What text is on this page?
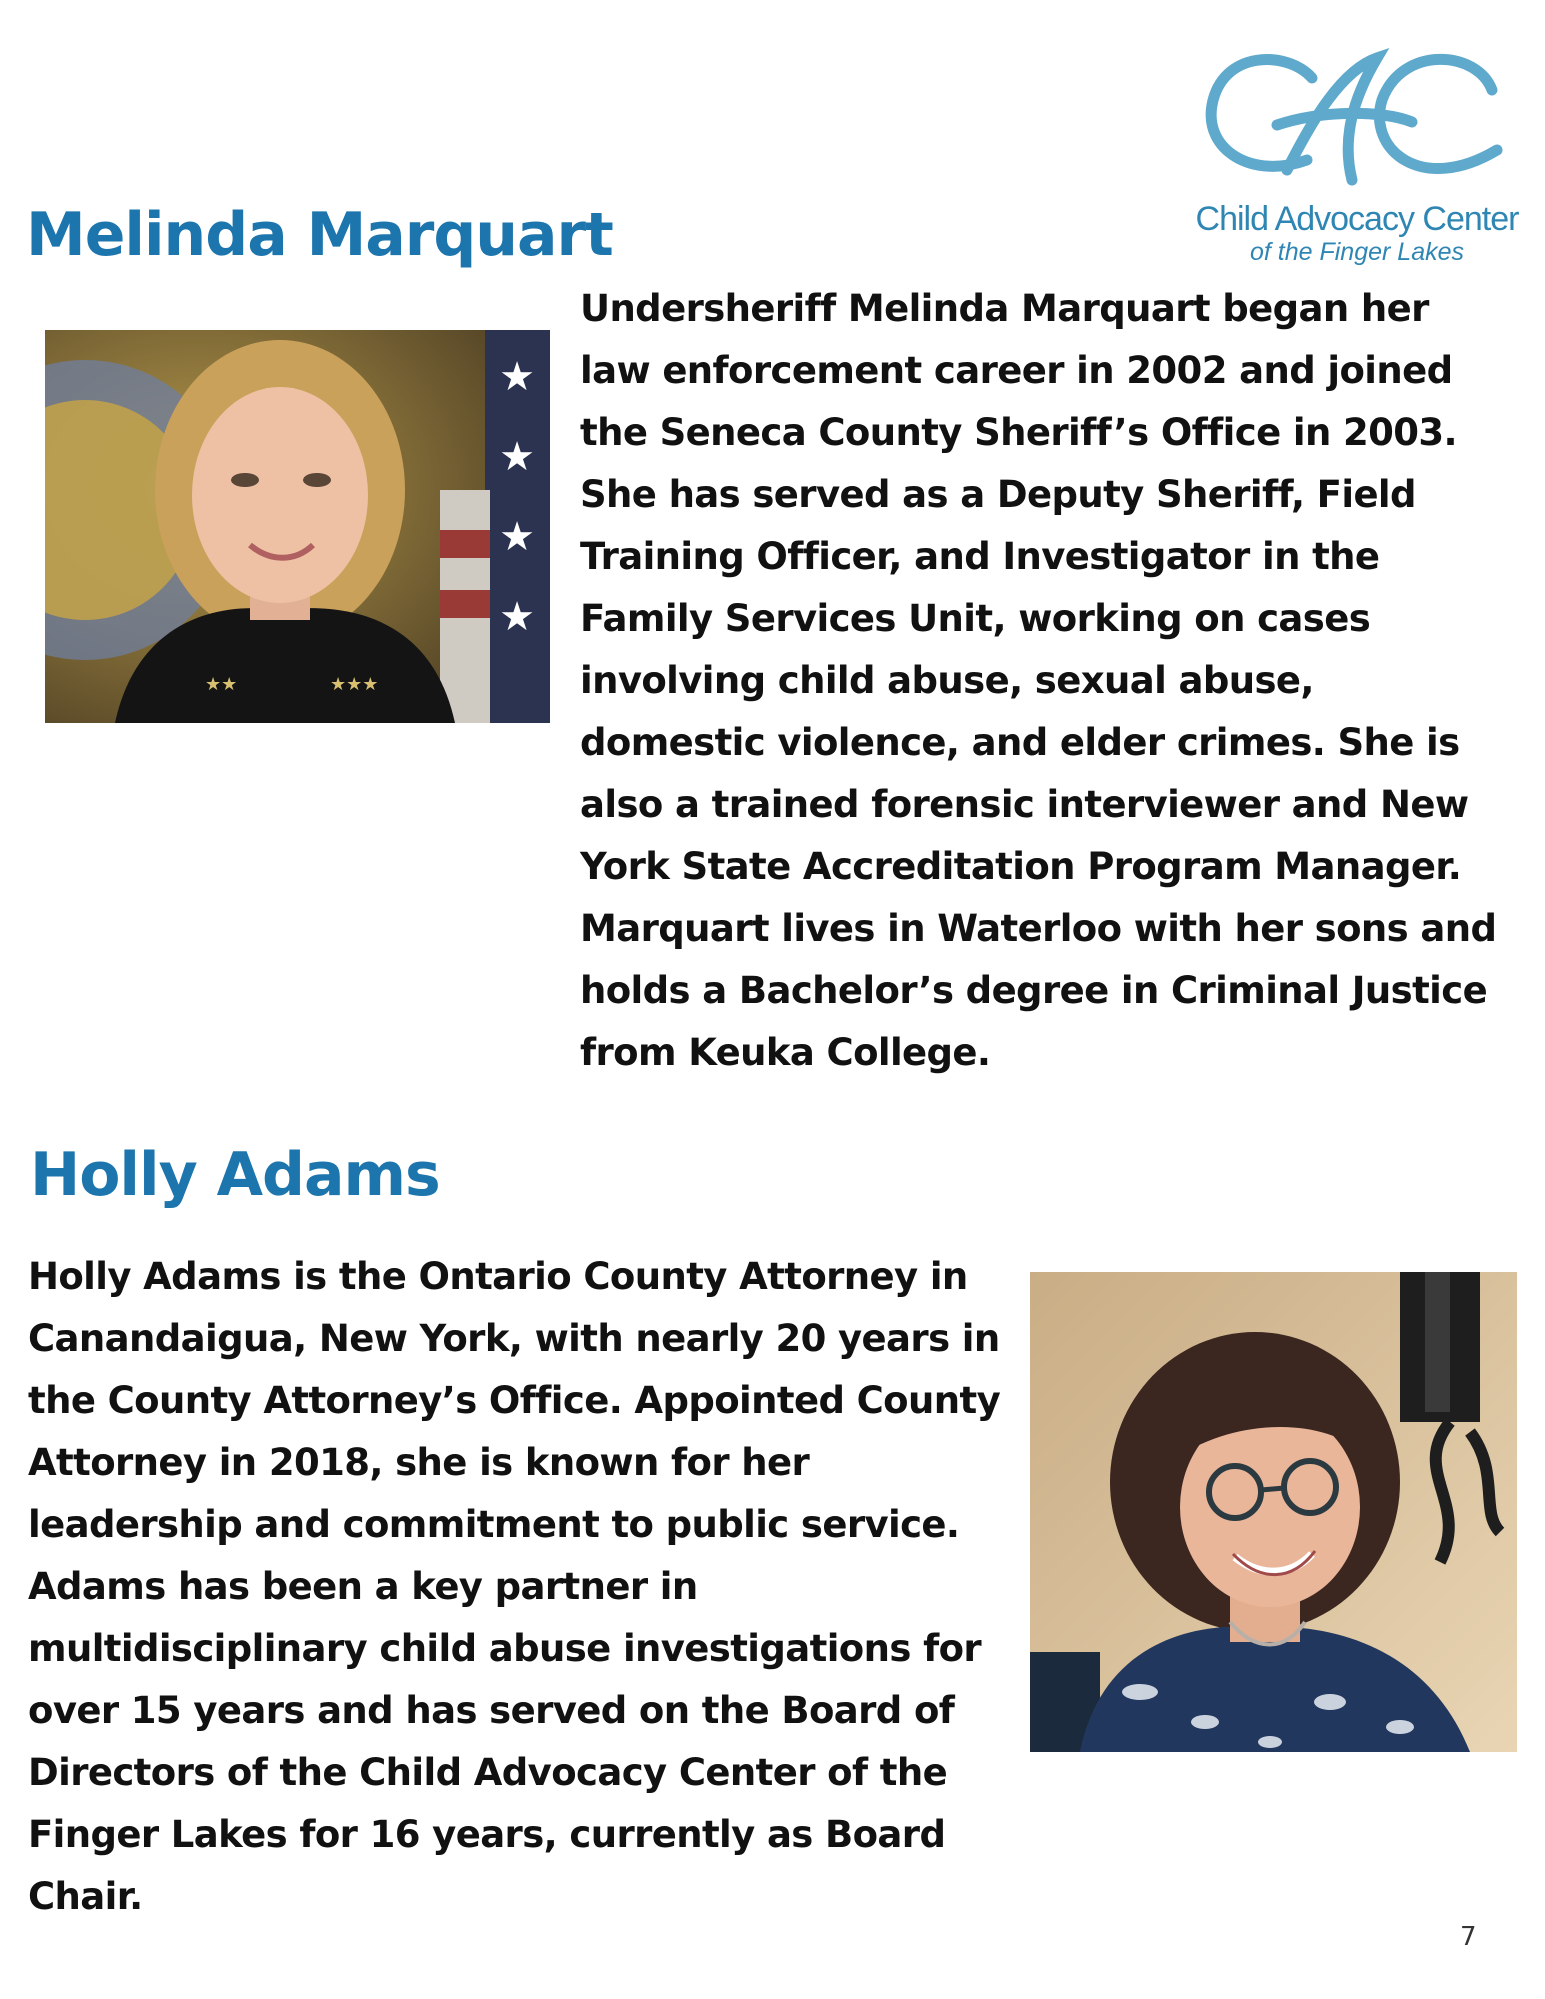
Child Advocacy Center
of the Finger Lakes
Melinda Marquart
★
★
★
★
★★	★★★
Undersheriff Melinda Marquart began her
law enforcement career in 2002 and joined
the Seneca County Sheriff’s Office in 2003.
She has served as a Deputy Sheriff, Field
Training Officer, and Investigator in the
Family Services Unit, working on cases
involving child abuse, sexual abuse,
domestic violence, and elder crimes. She is
also a trained forensic interviewer and New
York State Accreditation Program Manager.
Marquart lives in Waterloo with her sons and
holds a Bachelor’s degree in Criminal Justice
from Keuka College.
Holly Adams
Holly Adams is the Ontario County Attorney in
Canandaigua, New York, with nearly 20 years in
the County Attorney’s Office. Appointed County
Attorney in 2018, she is known for her
leadership and commitment to public service.
Adams has been a key partner in
multidisciplinary child abuse investigations for
over 15 years and has served on the Board of
Directors of the Child Advocacy Center of the
Finger Lakes for 16 years, currently as Board
Chair.
7
